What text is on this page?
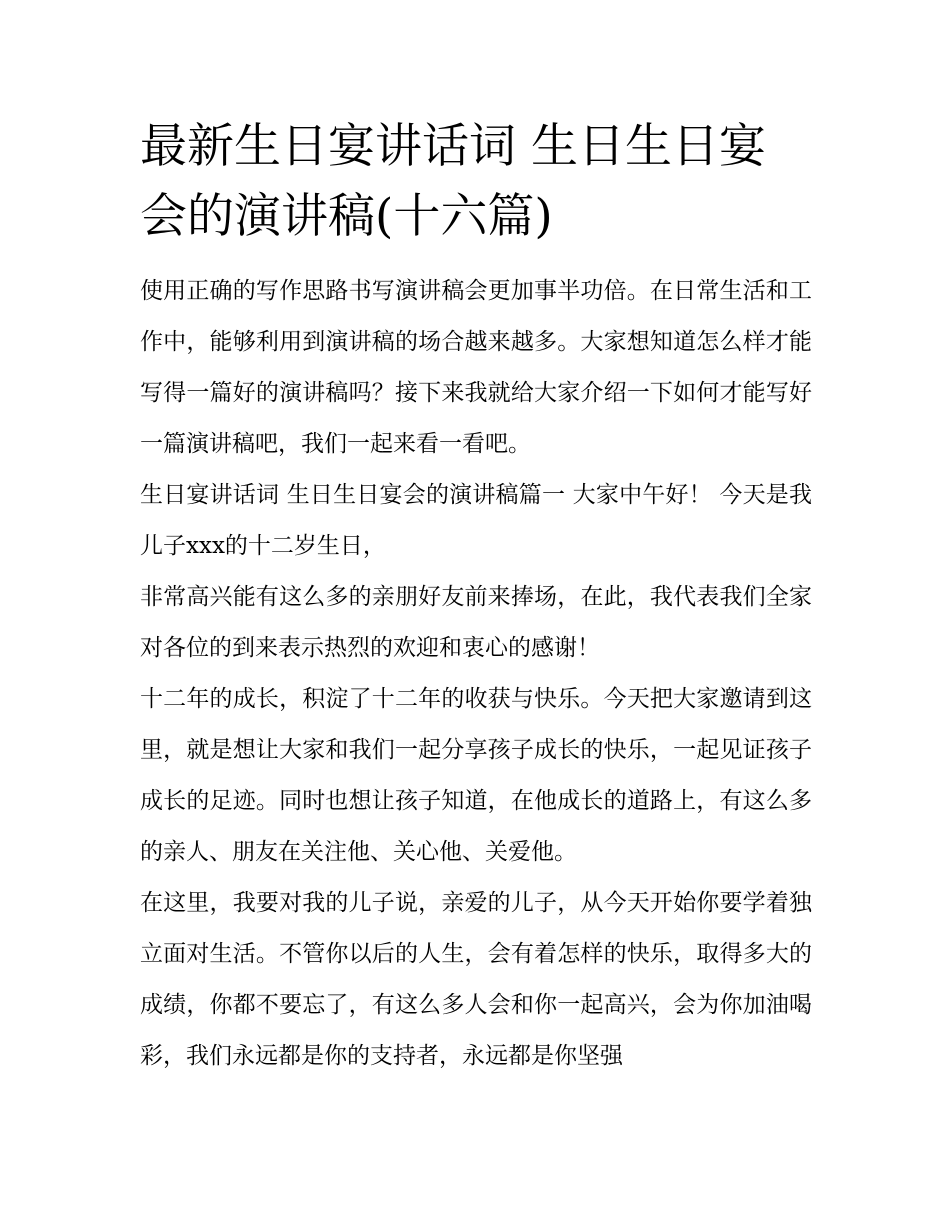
最新生日宴讲话词 生日生日宴会的演讲稿(十六篇)

使用正确的写作思路书写演讲稿会更加事半功倍。在日常生活和工作中，能够利用到演讲稿的场合越来越多。大家想知道怎么样才能写得一篇好的演讲稿吗？接下来我就给大家介绍一下如何才能写好一篇演讲稿吧，我们一起来看一看吧。

生日宴讲话词 生日生日宴会的演讲稿篇一 大家中午好！ 今天是我儿子xxx的十二岁生日，

非常高兴能有这么多的亲朋好友前来捧场，在此，我代表我们全家对各位的到来表示热烈的欢迎和衷心的感谢！

十二年的成长，积淀了十二年的收获与快乐。今天把大家邀请到这里，就是想让大家和我们一起分享孩子成长的快乐，一起见证孩子成长的足迹。同时也想让孩子知道，在他成长的道路上，有这么多的亲人、朋友在关注他、关心他、关爱他。

在这里，我要对我的儿子说，亲爱的儿子，从今天开始你要学着独立面对生活。不管你以后的人生，会有着怎样的快乐，取得多大的成绩，你都不要忘了，有这么多人会和你一起高兴，会为你加油喝彩，我们永远都是你的支持者，永远都是你坚强
